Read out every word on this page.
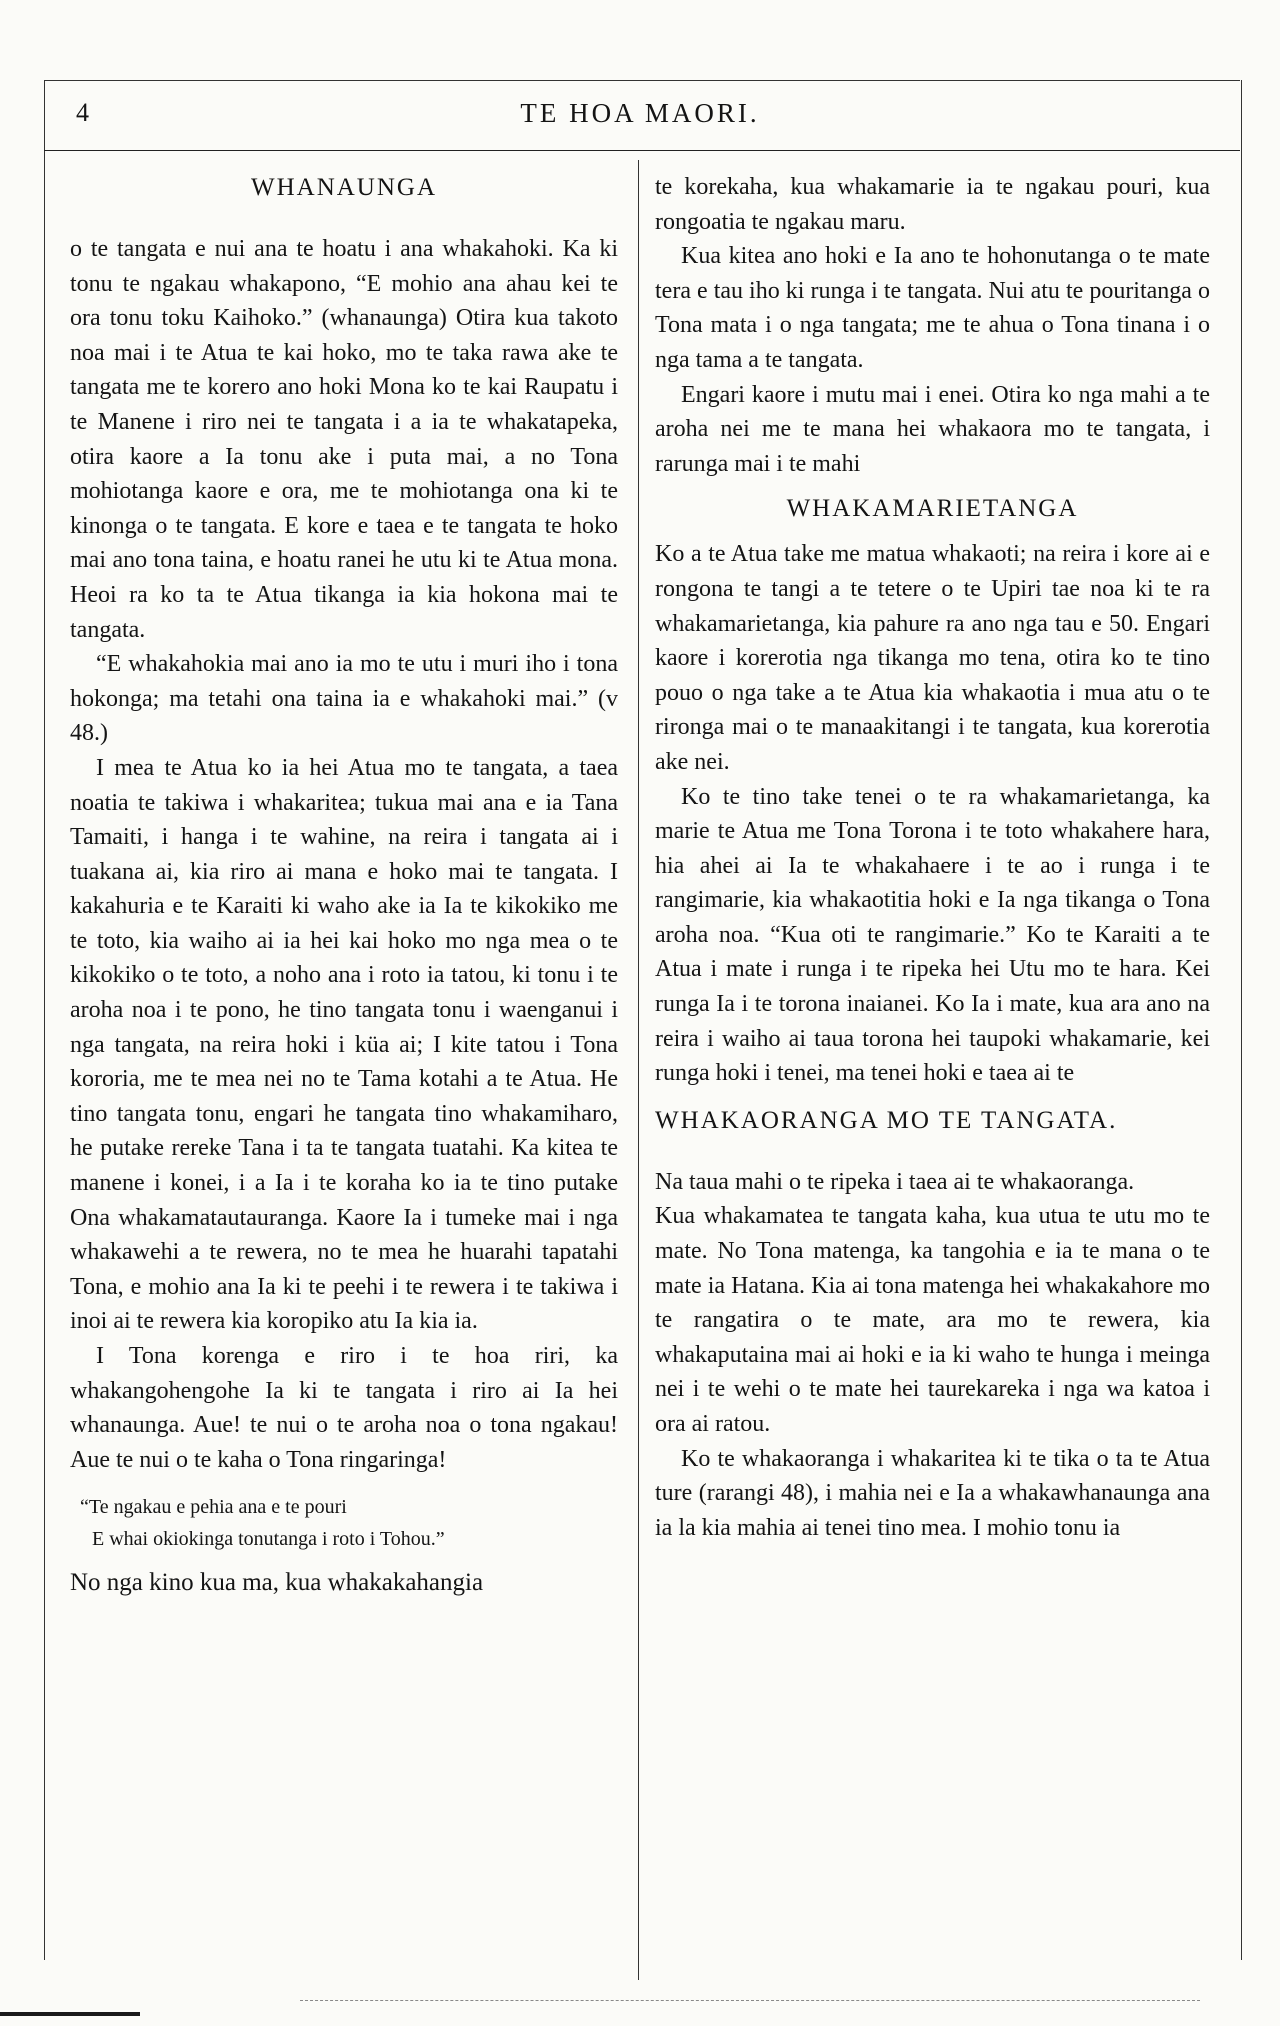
4	TE HOA MAORI.
WHANAUNGA

o te tangata e nui ana te hoatu i ana whakahoki. Ka ki tonu te ngakau whakapono, “E mohio ana ahau kei te ora tonu toku Kaihoko.” (whanaunga) Otira kua takoto noa mai i te Atua te kai hoko, mo te taka rawa ake te tangata me te korero ano hoki Mona ko te kai Raupatu i te Manene i riro nei te tangata i a ia te whakatapeka, otira kaore a Ia tonu ake i puta mai, a no Tona mohiotanga kaore e ora, me te mohiotanga ona ki te kinonga o te tangata. E kore e taea e te tangata te hoko mai ano tona taina, e hoatu ranei he utu ki te Atua mona. Heoi ra ko ta te Atua tikanga ia kia hokona mai te tangata.

“E whakahokia mai ano ia mo te utu i muri iho i tona hokonga; ma tetahi ona taina ia e whakahoki mai.” (v 48.)

I mea te Atua ko ia hei Atua mo te tangata, a taea noatia te takiwa i whakaritea; tukua mai ana e ia Tana Tamaiti, i hanga i te wahine, na reira i tangata ai i tuakana ai, kia riro ai mana e hoko mai te tangata. I kakahuria e te Karaiti ki waho ake ia Ia te kikokiko me te toto, kia waiho ai ia hei kai hoko mo nga mea o te kikokiko o te toto, a noho ana i roto ia tatou, ki tonu i te aroha noa i te pono, he tino tangata tonu i waenganui i nga tangata, na reira hoki i küa ai; I kite tatou i Tona kororia, me te mea nei no te Tama kotahi a te Atua. He tino tangata tonu, engari he tangata tino whakamiharo, he putake rereke Tana i ta te tangata tuatahi. Ka kitea te manene i konei, i a Ia i te koraha ko ia te tino putake Ona whakamatautauranga. Kaore Ia i tumeke mai i nga whakawehi a te rewera, no te mea he huarahi tapatahi Tona, e mohio ana Ia ki te peehi i te rewera i te takiwa i inoi ai te rewera kia koropiko atu Ia kia ia.

I Tona korenga e riro i te hoa riri, ka whakangohengohe Ia ki te tangata i riro ai Ia hei whanaunga. Aue! te nui o te aroha noa o tona ngakau! Aue te nui o te kaha o Tona ringaringa!

“Te ngakau e pehia ana e te pouri
E whai okiokinga tonutanga i roto i Tohou.”
No nga kino kua ma, kua whakakahangia

te korekaha, kua whakamarie ia te ngakau pouri, kua rongoatia te ngakau maru.

Kua kitea ano hoki e Ia ano te hohonutanga o te mate tera e tau iho ki runga i te tangata. Nui atu te pouritanga o Tona mata i o nga tangata; me te ahua o Tona tinana i o nga tama a te tangata.

Engari kaore i mutu mai i enei. Otira ko nga mahi a te aroha nei me te mana hei whakaora mo te tangata, i rarunga mai i te mahi

WHAKAMARIETANGA

Ko a te Atua take me matua whakaoti; na reira i kore ai e rongona te tangi a te tetere o te Upiri tae noa ki te ra whakamarietanga, kia pahure ra ano nga tau e 50. Engari kaore i korerotia nga tikanga mo tena, otira ko te tino pouo o nga take a te Atua kia whakaotia i mua atu o te rironga mai o te manaakitangi i te tangata, kua korerotia ake nei.

Ko te tino take tenei o te ra whakamarietanga, ka marie te Atua me Tona Torona i te toto whakahere hara, hia ahei ai Ia te whakahaere i te ao i runga i te rangimarie, kia whakaotitia hoki e Ia nga tikanga o Tona aroha noa. “Kua oti te rangimarie.” Ko te Karaiti a te Atua i mate i runga i te ripeka hei Utu mo te hara. Kei runga Ia i te torona inaianei. Ko Ia i mate, kua ara ano na reira i waiho ai taua torona hei taupoki whakamarie, kei runga hoki i tenei, ma tenei hoki e taea ai te

WHAKAORANGA MO TE TANGATA.

Na taua mahi o te ripeka i taea ai te whakaoranga.

Kua whakamatea te tangata kaha, kua utua te utu mo te mate. No Tona matenga, ka tangohia e ia te mana o te mate ia Hatana. Kia ai tona matenga hei whakakahore mo te rangatira o te mate, ara mo te rewera, kia whakaputaina mai ai hoki e ia ki waho te hunga i meinga nei i te wehi o te mate hei taurekareka i nga wa katoa i ora ai ratou.

Ko te whakaoranga i whakaritea ki te tika o ta te Atua ture (rarangi 48), i mahia nei e Ia a whakawhanaunga ana ia la kia mahia ai tenei tino mea. I mohio tonu ia
